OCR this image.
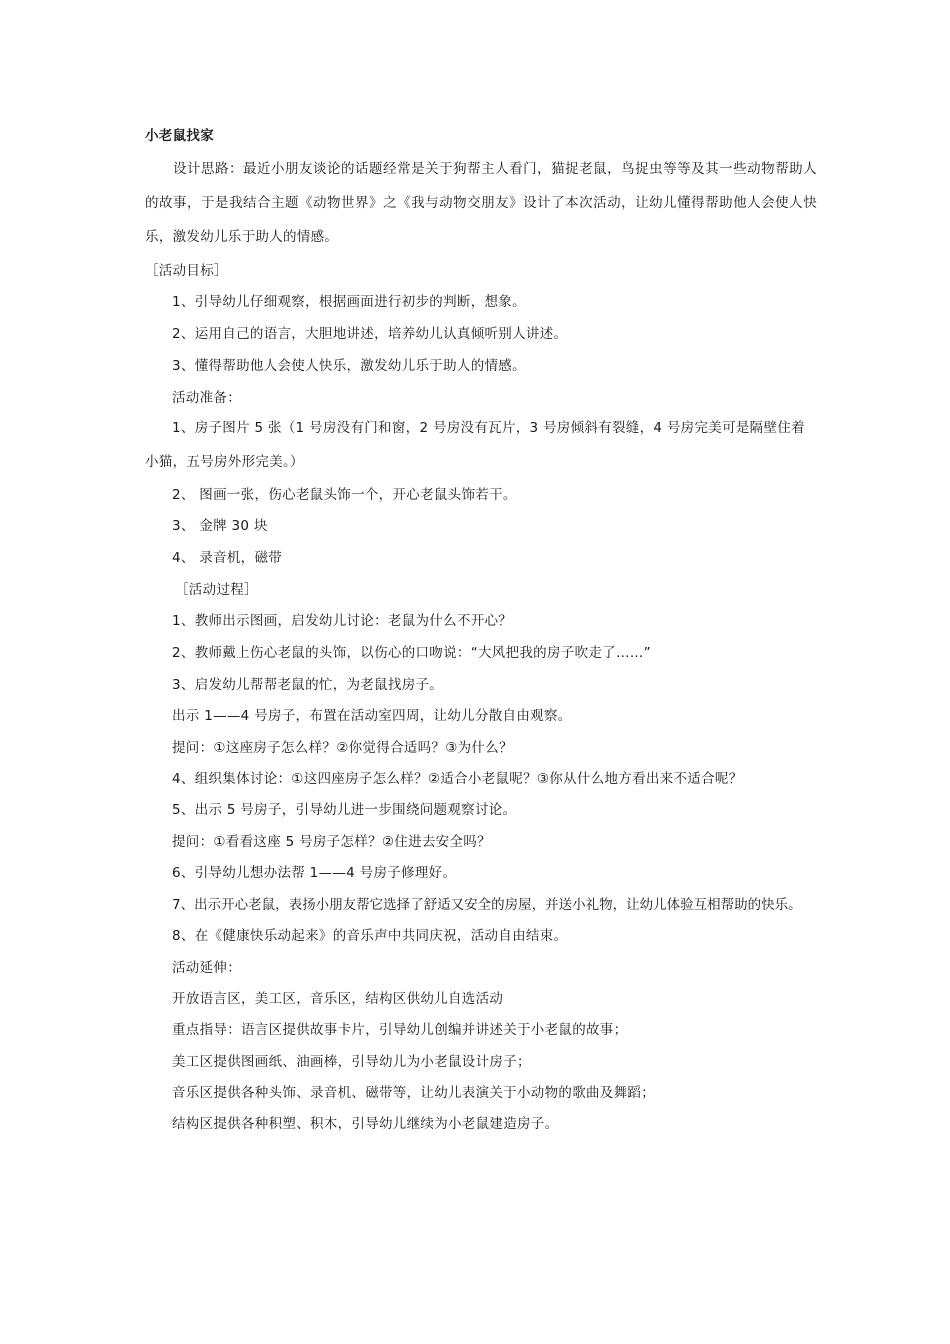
小老鼠找家

设计思路：最近小朋友谈论的话题经常是关于狗帮主人看门，猫捉老鼠，鸟捉虫等等及其一些动物帮助人的故事，于是我结合主题《动物世界》之《我与动物交朋友》设计了本次活动，让幼儿懂得帮助他人会使人快乐，激发幼儿乐于助人的情感。

［活动目标］
1、引导幼儿仔细观察，根据画面进行初步的判断，想象。
2、运用自己的语言，大胆地讲述，培养幼儿认真倾听别人讲述。
3、懂得帮助他人会使人快乐，激发幼儿乐于助人的情感。
活动准备：
1、房子图片 5 张（1 号房没有门和窗，2 号房没有瓦片，3 号房倾斜有裂缝，4 号房完美可是隔壁住着
小猫，五号房外形完美。）
2、 图画一张，伤心老鼠头饰一个，开心老鼠头饰若干。
3、 金牌 30 块
4、 录音机，磁带
［活动过程］
1、教师出示图画，启发幼儿讨论：老鼠为什么不开心？
2、教师戴上伤心老鼠的头饰，以伤心的口吻说：“大风把我的房子吹走了……”
3、启发幼儿帮帮老鼠的忙，为老鼠找房子。
出示 1——4 号房子，布置在活动室四周，让幼儿分散自由观察。
提问：①这座房子怎么样？②你觉得合适吗？③为什么？
4、组织集体讨论：①这四座房子怎么样？②适合小老鼠呢？③你从什么地方看出来不适合呢？
5、出示 5 号房子，引导幼儿进一步围绕问题观察讨论。
提问：①看看这座 5 号房子怎样？②住进去安全吗？
6、引导幼儿想办法帮 1——4 号房子修理好。
7、出示开心老鼠，表扬小朋友帮它选择了舒适又安全的房屋，并送小礼物，让幼儿体验互相帮助的快乐。
8、在《健康快乐动起来》的音乐声中共同庆祝，活动自由结束。
活动延伸：
开放语言区，美工区，音乐区，结构区供幼儿自选活动
重点指导：语言区提供故事卡片，引导幼儿创编并讲述关于小老鼠的故事；
美工区提供图画纸、油画棒，引导幼儿为小老鼠设计房子；
音乐区提供各种头饰、录音机、磁带等，让幼儿表演关于小动物的歌曲及舞蹈；
结构区提供各种积塑、积木，引导幼儿继续为小老鼠建造房子。
